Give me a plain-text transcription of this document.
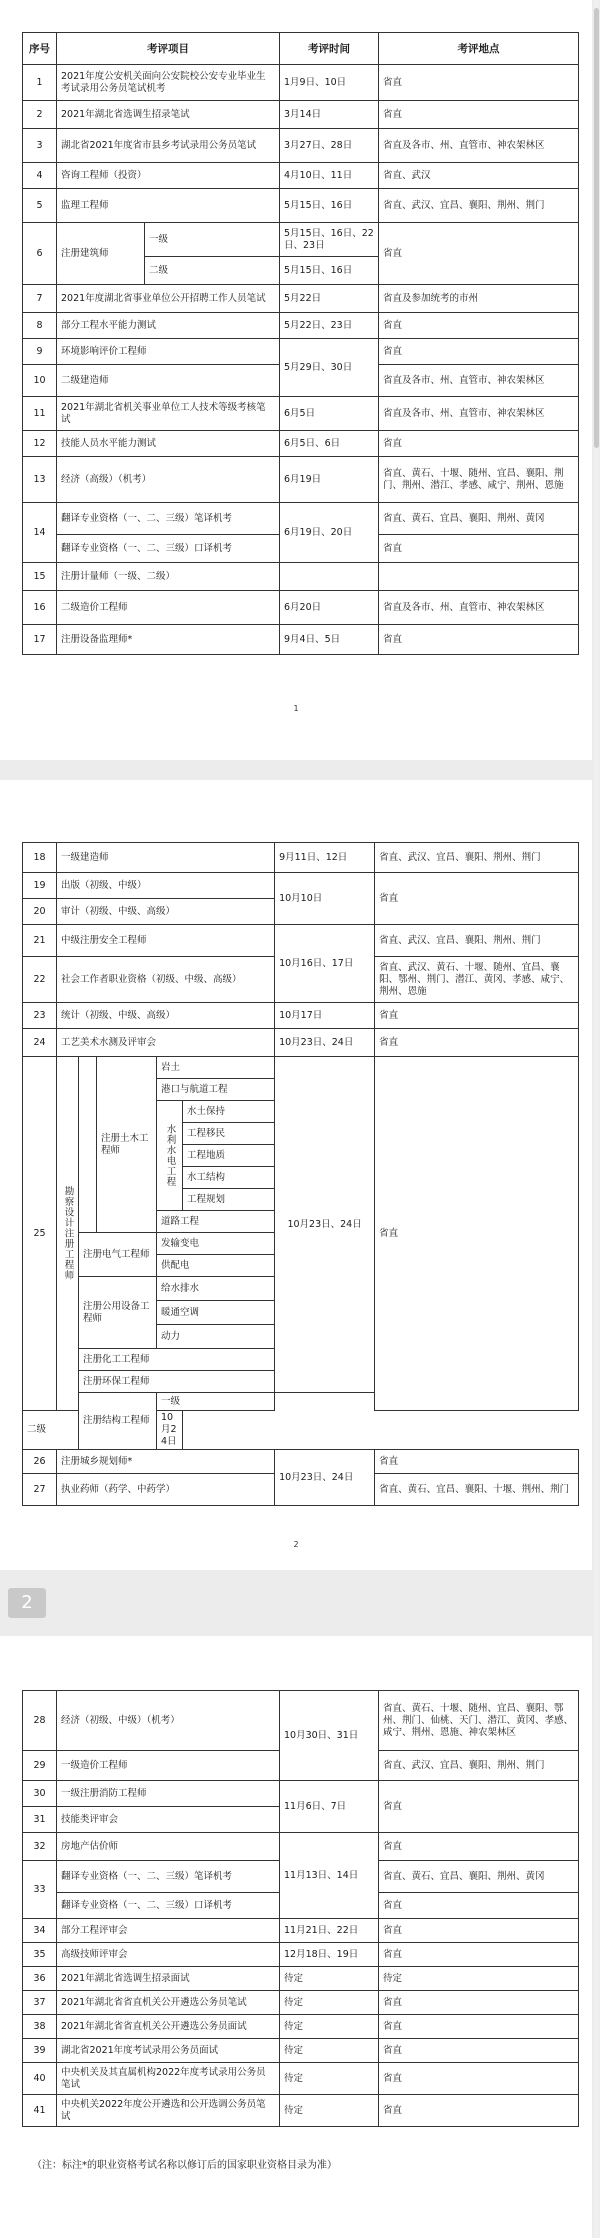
序号	考评项目		考评时间	考评地点
1	2021年度公安机关面向公安院校公安专业毕业生考试录用公务员笔试机考		1月9日、10日	省直
2	2021年湖北省选调生招录笔试		3月14日	省直
3	湖北省2021年度省市县乡考试录用公务员笔试		3月27日、28日	省直及各市、州、直管市、神农架林区
4	咨询工程师（投资）		4月10日、11日	省直、武汉
5	监理工程师		5月15日、16日	省直、武汉、宜昌、襄阳、荆州、荆门
6	注册建筑师	一级	5月15日、16日、22日、23日	省直
		二级	5月15日、16日	
7	2021年度湖北省事业单位公开招聘工作人员笔试		5月22日	省直及参加统考的市州
8	部分工程水平能力测试		5月22日、23日	省直
9	环境影响评价工程师		5月29日、30日	省直
10	二级建造师			省直及各市、州、直管市、神农架林区
11	2021年湖北省机关事业单位工人技术等级考核笔试		6月5日	省直及各市、州、直管市、神农架林区
12	技能人员水平能力测试		6月5日、6日	省直
13	经济（高级）（机考）		6月19日	省直、黄石、十堰、随州、宜昌、襄阳、荆门、荆州、潜江、孝感、咸宁、荆州、恩施
14	翻译专业资格（一、二、三级）笔译机考		6月19日、20日	省直、黄石、宜昌、襄阳、荆州、黄冈
	翻译专业资格（一、二、三级）口译机考			省直
15	注册计量师（一级、二级）			
16	二级造价工程师		6月20日	省直及各市、州、直管市、神农架林区
17	注册设备监理师*		9月4日、5日	省直
1
18	一级建造师					9月11日、12日	省直、武汉、宜昌、襄阳、荆州、荆门
19	出版（初级、中级）					10月10日	省直
20	审计（初级、中级、高级）						
21	中级注册安全工程师					10月16日、17日	省直、武汉、宜昌、襄阳、荆州、荆门
22	社会工作者职业资格（初级、中级、高级）						省直、武汉、黄石、十堰、随州、宜昌、襄阳、鄂州、荆门、潜江、黄冈、孝感、咸宁、荆州、恩施
23	统计（初级、中级、高级）					10月17日	省直
24	工艺美术水测及评审会					10月23日、24日	省直
25	勘察设计注册工程师		注册土木工程师	岩土		10月23日、24日	省直
				港口与航道工程			
				水利水电工程	水土保持		
					工程移民		
					工程地质		
					水工结构		
					工程规划		
				道路工程			

		注册电气工程师		发输变电			
				供配电			
		注册公用设备工程师		给水排水			
				暖通空调			
				动力			
		注册化工工程师					
		注册环保工程师					
		注册结构工程师		一级			
二级				10月24日			
26	注册城乡规划师*					10月23日、24日	省直
27	执业药师（药学、中药学）						省直、黄石、宜昌、襄阳、十堰、荆州、荆门
2
2
28	经济（初级、中级）（机考）	10月30日、31日	省直、黄石、十堰、随州、宜昌、襄阳、鄂州、荆门、仙桃、天门、潜江、黄冈、孝感、咸宁、荆州、恩施、神农架林区
29	一级造价工程师		省直、武汉、宜昌、襄阳、荆州、荆门
30	一级注册消防工程师	11月6日、7日	省直
31	技能类评审会		
32	房地产估价师	11月13日、14日	省直
33	翻译专业资格（一、二、三级）笔译机考		省直、黄石、宜昌、襄阳、荆州、黄冈
	翻译专业资格（一、二、三级）口译机考		省直
34	部分工程评审会	11月21日、22日	省直
35	高级技师评审会	12月18日、19日	省直
36	2021年湖北省选调生招录面试	待定	待定
37	2021年湖北省省直机关公开遴选公务员笔试	待定	省直
38	2021年湖北省省直机关公开遴选公务员面试	待定	省直
39	湖北省2021年度考试录用公务员面试	待定	省直
40	中央机关及其直属机构2022年度考试录用公务员笔试	待定	省直
41	中央机关2022年度公开遴选和公开选调公务员笔试	待定	省直
（注：标注*的职业资格考试名称以修订后的国家职业资格目录为准）
